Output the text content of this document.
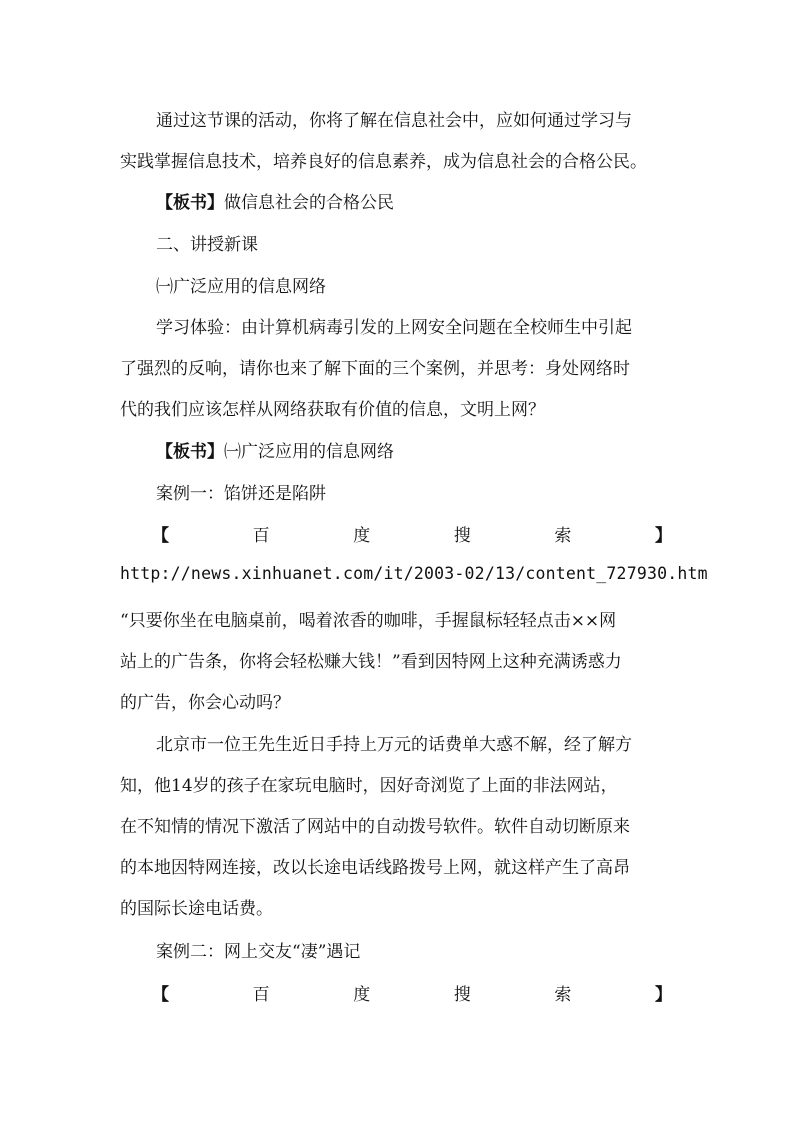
通过这节课的活动，你将了解在信息社会中，应如何通过学习与
实践掌握信息技术，培养良好的信息素养，成为信息社会的合格公民。
【板书】做信息社会的合格公民
二、讲授新课
㈠广泛应用的信息网络
学习体验：由计算机病毒引发的上网安全问题在全校师生中引起
了强烈的反响，请你也来了解下面的三个案例，并思考：身处网络时
代的我们应该怎样从网络获取有价值的信息，文明上网？
【板书】㈠广泛应用的信息网络
案例一：馅饼还是陷阱
【	百	度	搜	索	】
http://news.xinhuanet.com/it/2003-02/13/content_727930.htm
“只要你坐在电脑桌前，喝着浓香的咖啡，手握鼠标轻轻点击××网
站上的广告条，你将会轻松赚大钱！”看到因特网上这种充满诱惑力
的广告，你会心动吗？
北京市一位王先生近日手持上万元的话费单大惑不解，经了解方
知，他14岁的孩子在家玩电脑时，因好奇浏览了上面的非法网站，
在不知情的情况下激活了网站中的自动拨号软件。软件自动切断原来
的本地因特网连接，改以长途电话线路拨号上网，就这样产生了高昂
的国际长途电话费。
案例二：网上交友“凄”遇记
【	百	度	搜	索	】
